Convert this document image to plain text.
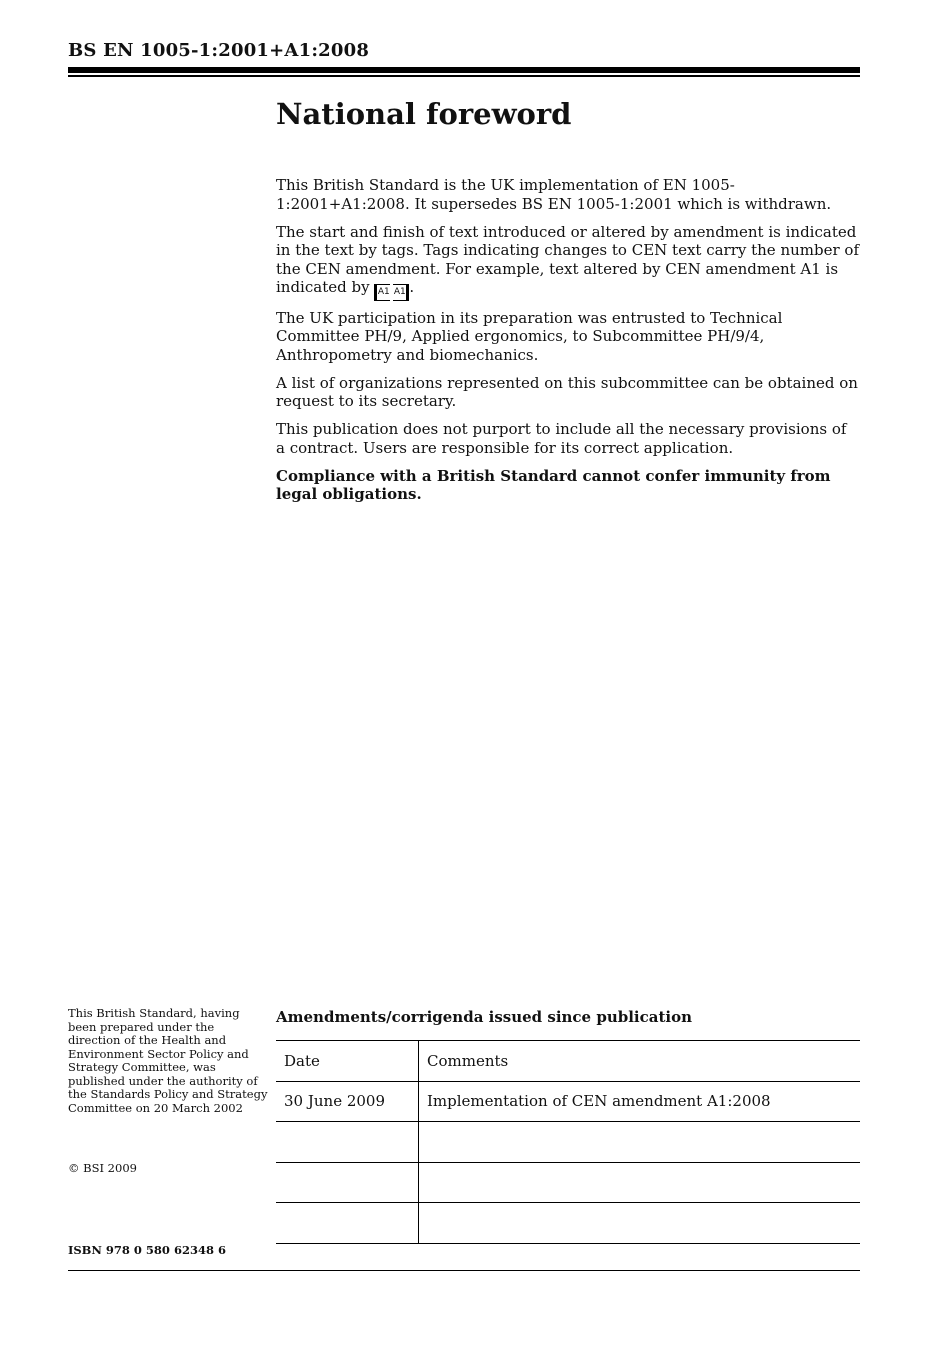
BS EN 1005-1:2001+A1:2008
National foreword

This British Standard is the UK implementation of EN 1005-1:2001+A1:2008. It supersedes BS EN 1005-1:2001 which is withdrawn.

The start and finish of text introduced or altered by amendment is indicated in the text by tags. Tags indicating changes to CEN text carry the number of the CEN amendment. For example, text altered by CEN amendment A1 is indicated by A1 A1 .

The UK participation in its preparation was entrusted to Technical Committee PH/9, Applied ergonomics, to Subcommittee PH/9/4, Anthropometry and biomechanics.

A list of organizations represented on this subcommittee can be obtained on request to its secretary.

This publication does not purport to include all the necessary provisions of a contract. Users are responsible for its correct application.

Compliance with a British Standard cannot confer immunity from legal obligations.

This British Standard, having been prepared under the direction of the Health and Environment Sector Policy and Strategy Committee, was published under the authority of the Standards Policy and Strategy Committee on 20 March 2002
© BSI 2009
ISBN 978 0 580 62348 6
Amendments/corrigenda issued since publication
Date	Comments
30 June 2009	Implementation of CEN amendment A1:2008
